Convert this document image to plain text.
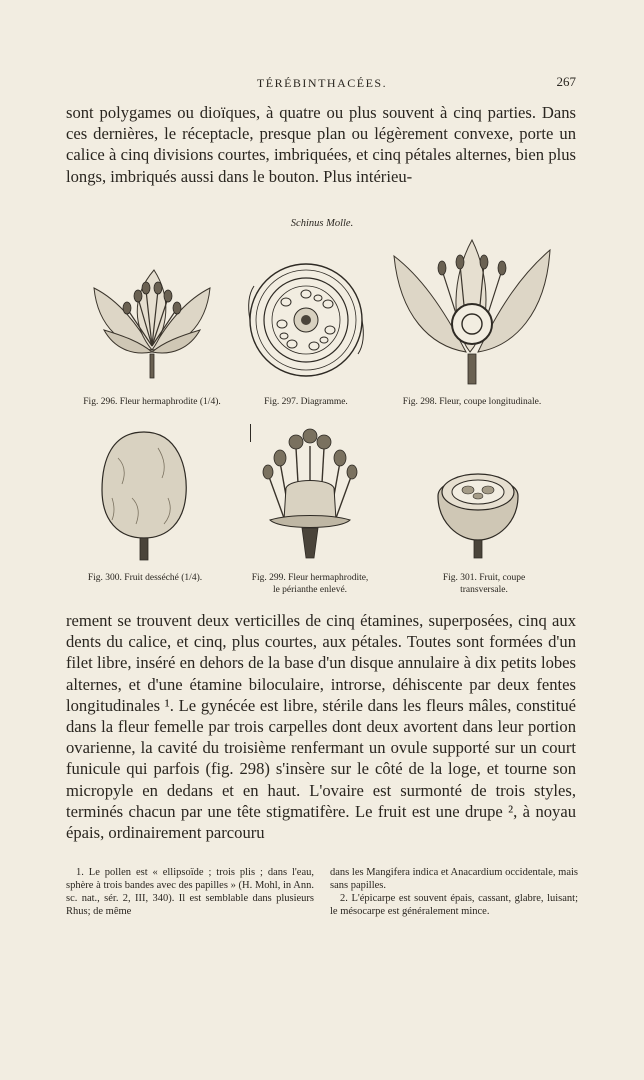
TÉRÉBINTHACÉES.	267

sont polygames ou dioïques, à quatre ou plus souvent à cinq parties. Dans ces dernières, le réceptacle, presque plan ou légèrement convexe, porte un calice à cinq divisions courtes, imbriquées, et cinq pétales alternes, bien plus longs, imbriqués aussi dans le bouton. Plus intérieu-

Schinus Molle.
Fig. 296. Fleur hermaphrodite (1/4).	Fig. 297. Diagramme.	Fig. 298. Fleur, coupe longitudinale.
Fig. 300. Fruit desséché (1/4).	Fig. 299. Fleur hermaphrodite,
le périanthe enlevé.
Fig. 301. Fruit, coupe
transversale.

rement se trouvent deux verticilles de cinq étamines, superposées, cinq aux dents du calice, et cinq, plus courtes, aux pétales. Toutes sont formées d'un filet libre, inséré en dehors de la base d'un disque annulaire à dix petits lobes alternes, et d'une étamine biloculaire, introrse, déhiscente par deux fentes longitudinales ¹. Le gynécée est libre, stérile dans les fleurs mâles, constitué dans la fleur femelle par trois carpelles dont deux avortent dans leur portion ovarienne, la cavité du troisième renfermant un ovule supporté sur un court funicule qui parfois (fig. 298) s'insère sur le côté de la loge, et tourne son micropyle en dedans et en haut. L'ovaire est surmonté de trois styles, terminés chacun par une tête stigmatifère. Le fruit est une drupe ², à noyau épais, ordinairement parcouru

1. Le pollen est « ellipsoïde ; trois plis ; dans l'eau, sphère à trois bandes avec des papilles » (H. Mohl, in Ann. sc. nat., sér. 2, III, 340). Il est semblable dans plusieurs Rhus; de même

dans les Mangifera indica et Anacardium occidentale, mais sans papilles.

2. L'épicarpe est souvent épais, cassant, glabre, luisant; le mésocarpe est généralement mince.
